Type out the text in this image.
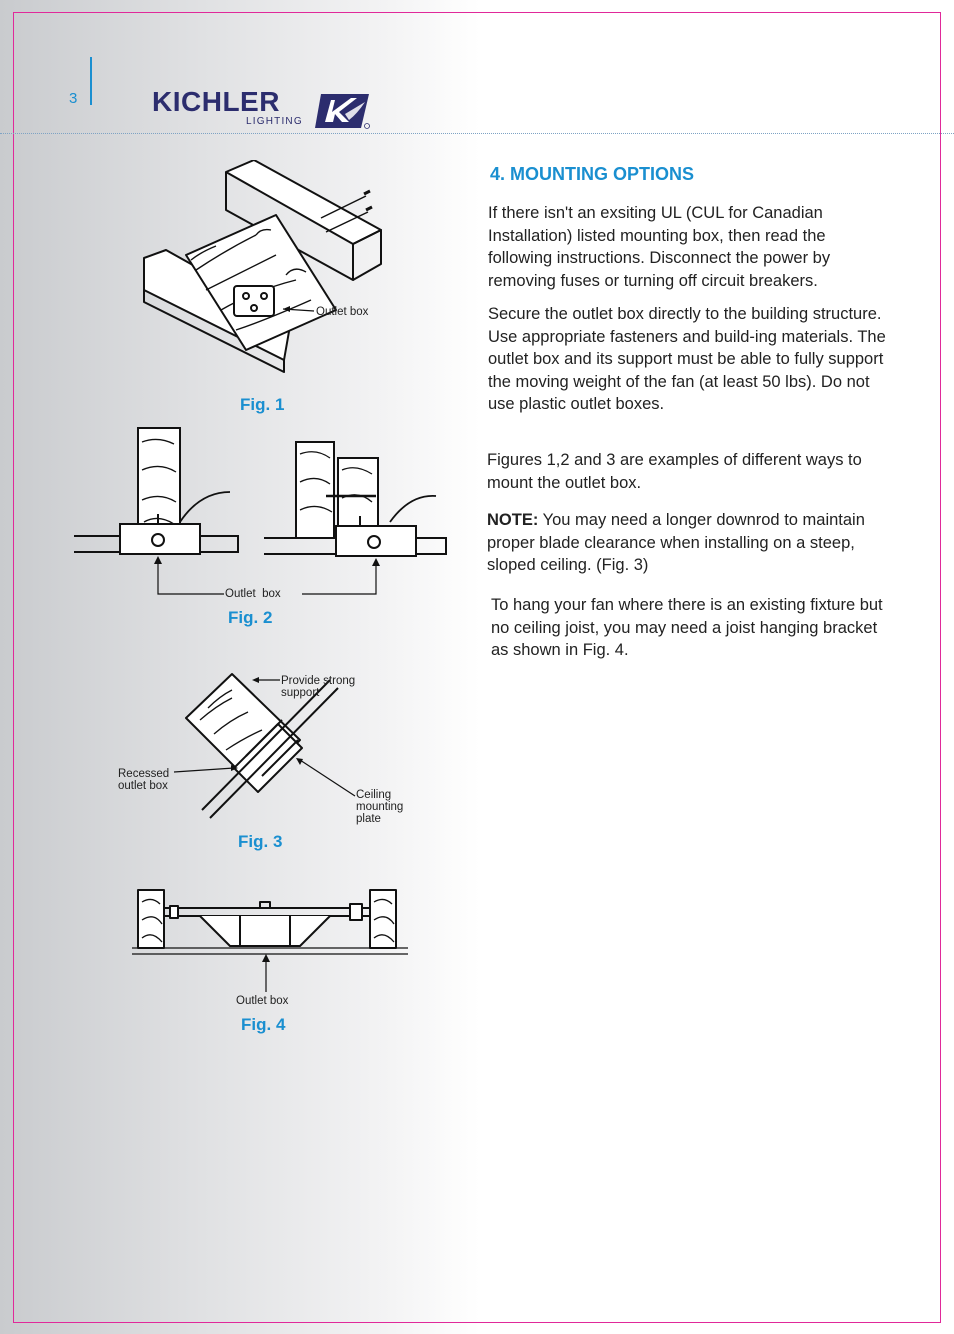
3	KICHLER
LIGHTING
Outlet box
Fig. 1
Outlet  box
Fig. 2
Provide strong
support
Recessed
outlet box
Ceiling
mounting
plate
Fig. 3
Outlet box
Fig. 4
4. MOUNTING OPTIONS

If there isn't an exsiting UL (CUL for Canadian Installation) listed mounting box, then read the following instructions. Disconnect the power by removing fuses or turning off circuit breakers.

Secure the outlet box directly to the building structure. Use appropriate fasteners and build-ing materials. The outlet box and its support must be able to fully support the moving weight of the fan (at least 50 lbs). Do not use plastic outlet boxes.

Figures 1,2 and 3 are examples of different ways to mount the outlet box.

NOTE: You may need a longer downrod to maintain proper blade clearance when installing on a steep, sloped ceiling. (Fig. 3)

To hang your fan where there is an existing fixture but no ceiling joist, you may need a joist hanging bracket as shown in Fig. 4.
